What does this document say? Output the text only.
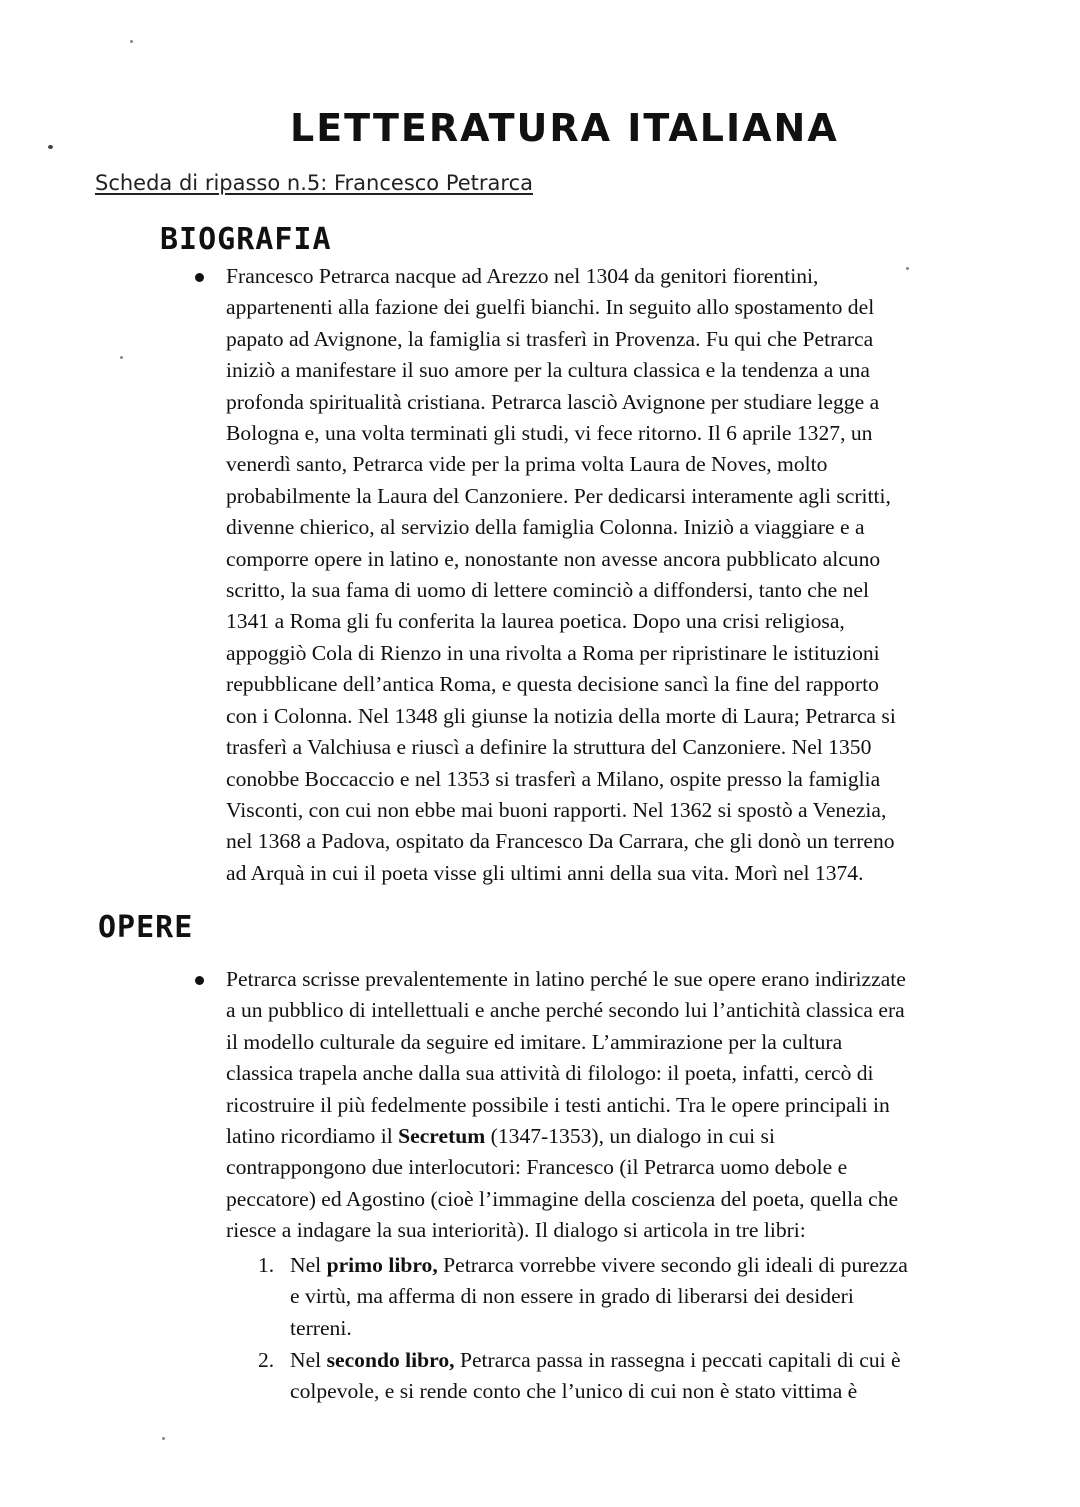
LETTERATURA ITALIANA
Scheda di ripasso n.5: Francesco Petrarca
BIOGRAFIA
Francesco Petrarca nacque ad Arezzo nel 1304 da genitori fiorentini,
appartenenti alla fazione dei guelfi bianchi. In seguito allo spostamento del
papato ad Avignone, la famiglia si trasferì in Provenza. Fu qui che Petrarca
iniziò a manifestare il suo amore per la cultura classica e la tendenza a una
profonda spiritualità cristiana. Petrarca lasciò Avignone per studiare legge a
Bologna e, una volta terminati gli studi, vi fece ritorno. Il 6 aprile 1327, un
venerdì santo, Petrarca vide per la prima volta Laura de Noves, molto
probabilmente la Laura del Canzoniere. Per dedicarsi interamente agli scritti,
divenne chierico, al servizio della famiglia Colonna. Iniziò a viaggiare e a
comporre opere in latino e, nonostante non avesse ancora pubblicato alcuno
scritto, la sua fama di uomo di lettere cominciò a diffondersi, tanto che nel
1341 a Roma gli fu conferita la laurea poetica. Dopo una crisi religiosa,
appoggiò Cola di Rienzo in una rivolta a Roma per ripristinare le istituzioni
repubblicane dell’antica Roma, e questa decisione sancì la fine del rapporto
con i Colonna. Nel 1348 gli giunse la notizia della morte di Laura; Petrarca si
trasferì a Valchiusa e riuscì a definire la struttura del Canzoniere. Nel 1350
conobbe Boccaccio e nel 1353 si trasferì a Milano, ospite presso la famiglia
Visconti, con cui non ebbe mai buoni rapporti. Nel 1362 si spostò a Venezia,
nel 1368 a Padova, ospitato da Francesco Da Carrara, che gli donò un terreno
ad Arquà in cui il poeta visse gli ultimi anni della sua vita. Morì nel 1374.
OPERE
Petrarca scrisse prevalentemente in latino perché le sue opere erano indirizzate
a un pubblico di intellettuali e anche perché secondo lui l’antichità classica era
il modello culturale da seguire ed imitare. L’ammirazione per la cultura
classica trapela anche dalla sua attività di filologo: il poeta, infatti, cercò di
ricostruire il più fedelmente possibile i testi antichi. Tra le opere principali in
latino ricordiamo il Secretum (1347-1353), un dialogo in cui si
contrappongono due interlocutori: Francesco (il Petrarca uomo debole e
peccatore) ed Agostino (cioè l’immagine della coscienza del poeta, quella che
riesce a indagare la sua interiorità). Il dialogo si articola in tre libri:
1. Nel primo libro, Petrarca vorrebbe vivere secondo gli ideali di purezza
e virtù, ma afferma di non essere in grado di liberarsi dei desideri
terreni.
2. Nel secondo libro, Petrarca passa in rassegna i peccati capitali di cui è
colpevole, e si rende conto che l’unico di cui non è stato vittima è
